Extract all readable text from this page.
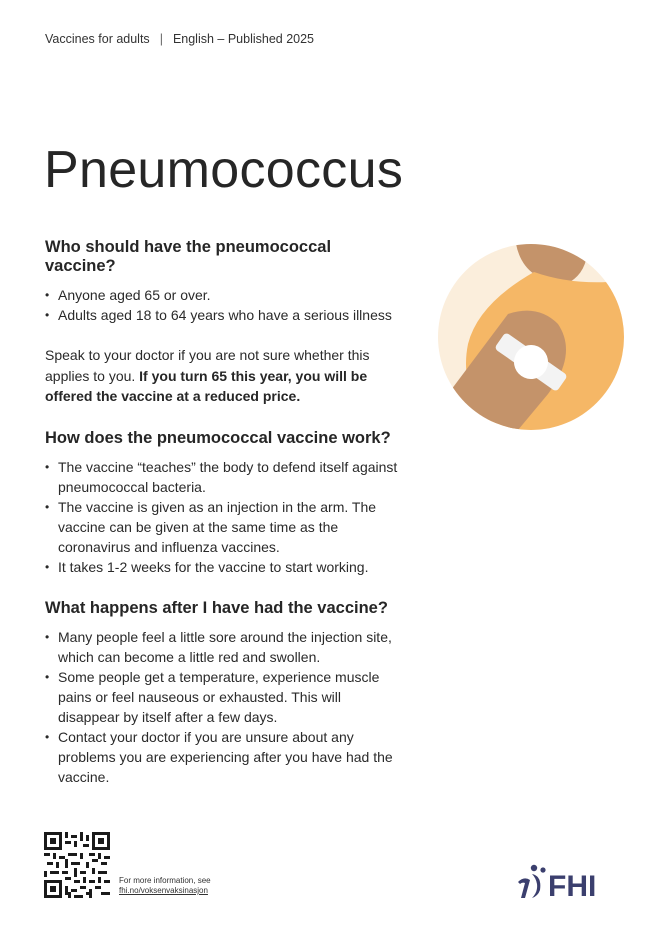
Vaccines for adults | English – Published 2025
Pneumococcus
Who should have the pneumococcal vaccine?
• Anyone aged 65 or over.
• Adults aged 18 to 64 years who have a serious illness

Speak to your doctor if you are not sure whether this applies to you. If you turn 65 this year, you will be offered the vaccine at a reduced price.

How does the pneumococcal vaccine work?
• The vaccine “teaches” the body to defend itself against pneumococcal bacteria.
• The vaccine is given as an injection in the arm. The vaccine can be given at the same time as the coronavirus and influenza vaccines.
• It takes 1-2 weeks for the vaccine to start working.
What happens after I have had the vaccine?
• Many people feel a little sore around the injection site, which can become a little red and swollen.
• Some people get a temperature, experience muscle pains or feel nauseous or exhausted. This will disappear by itself after a few days.
• Contact your doctor if you are unsure about any problems you are experiencing after you have had the vaccine.
For more information, see
fhi.no/voksenvaksinasjon	FHI
